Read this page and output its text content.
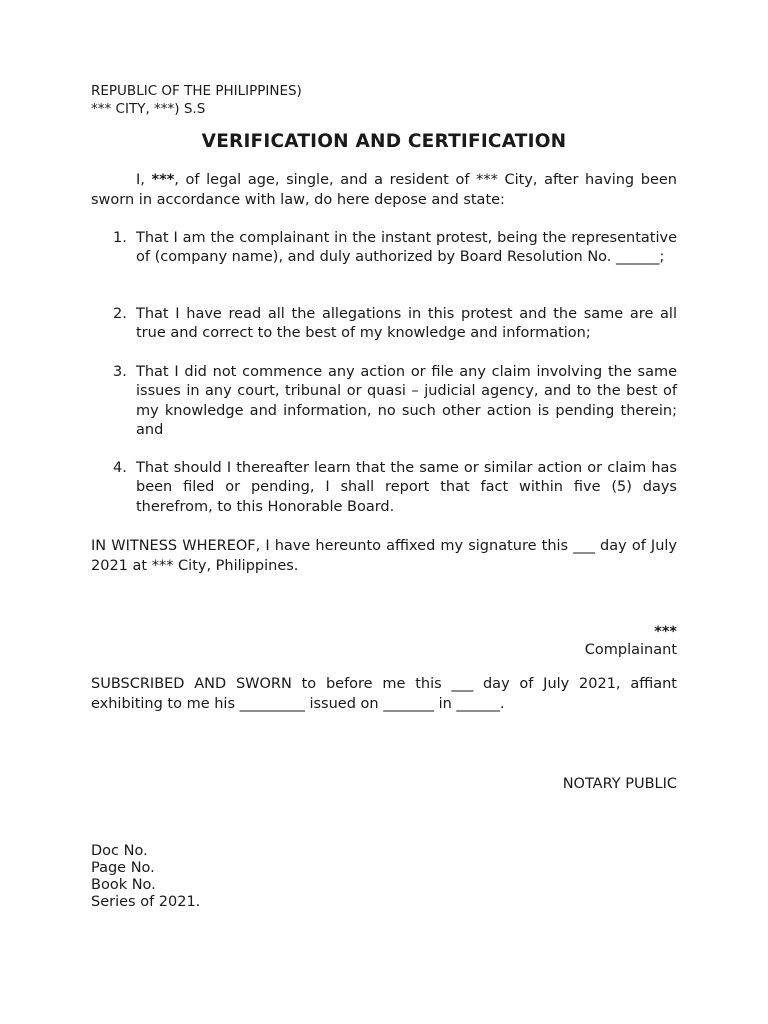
REPUBLIC OF THE PHILIPPINES)
*** CITY, ***) S.S
VERIFICATION AND CERTIFICATION
I, ***, of legal age, single, and a resident of *** City, after having been sworn in accordance with law, do here depose and state:
1. That I am the complainant in the instant protest, being the representative of (company name), and duly authorized by Board Resolution No. ______;
2. That I have read all the allegations in this protest and the same are all true and correct to the best of my knowledge and information;
3. That I did not commence any action or file any claim involving the same issues in any court, tribunal or quasi – judicial agency, and to the best of my knowledge and information, no such other action is pending therein; and
4. That should I thereafter learn that the same or similar action or claim has been filed or pending, I shall report that fact within five (5) days therefrom, to this Honorable Board.
IN WITNESS WHEREOF, I have hereunto affixed my signature this ___ day of July 2021 at *** City, Philippines.
***
Complainant
SUBSCRIBED AND SWORN to before me this ___ day of July 2021, affiant exhibiting to me his _________ issued on _______ in ______.
NOTARY PUBLIC
Doc No.
Page No.
Book No.
Series of 2021.
